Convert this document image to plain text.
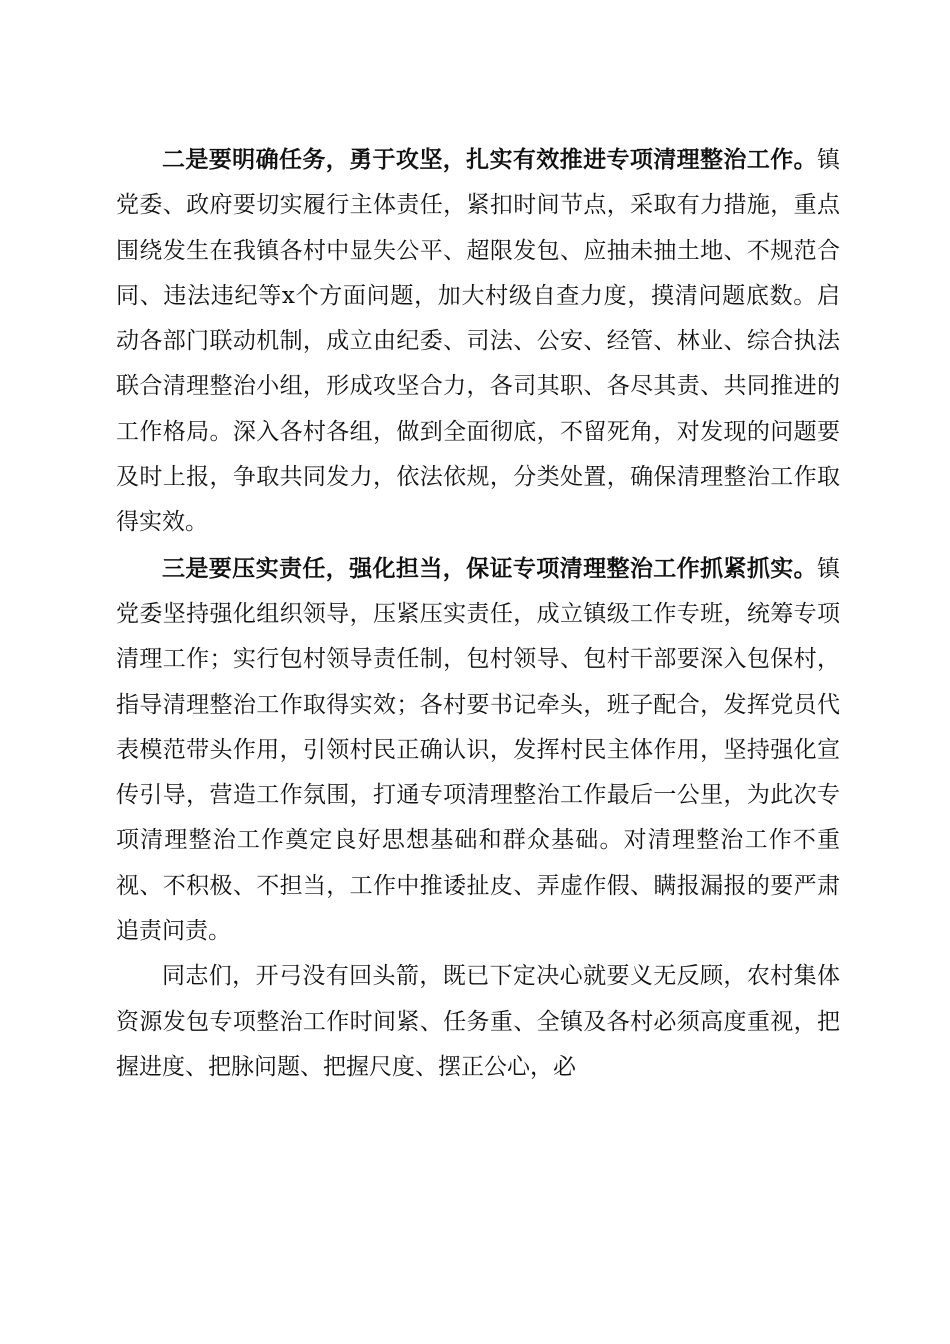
二是要明确任务，勇于攻坚，扎实有效推进专项清理整治工作。镇党委、政府要切实履行主体责任，紧扣时间节点，采取有力措施，重点围绕发生在我镇各村中显失公平、超限发包、应抽未抽土地、不规范合同、违法违纪等x个方面问题，加大村级自查力度，摸清问题底数。启动各部门联动机制，成立由纪委、司法、公安、经管、林业、综合执法联合清理整治小组，形成攻坚合力，各司其职、各尽其责、共同推进的工作格局。深入各村各组，做到全面彻底，不留死角，对发现的问题要及时上报，争取共同发力，依法依规，分类处置，确保清理整治工作取得实效。

三是要压实责任，强化担当，保证专项清理整治工作抓紧抓实。镇党委坚持强化组织领导，压紧压实责任，成立镇级工作专班，统筹专项清理工作；实行包村领导责任制，包村领导、包村干部要深入包保村，指导清理整治工作取得实效；各村要书记牵头，班子配合，发挥党员代表模范带头作用，引领村民正确认识，发挥村民主体作用，坚持强化宣传引导，营造工作氛围，打通专项清理整治工作最后一公里，为此次专项清理整治工作奠定良好思想基础和群众基础。对清理整治工作不重视、不积极、不担当，工作中推诿扯皮、弄虚作假、瞒报漏报的要严肃追责问责。

同志们，开弓没有回头箭，既已下定决心就要义无反顾，农村集体资源发包专项整治工作时间紧、任务重、全镇及各村必须高度重视，把握进度、把脉问题、把握尺度、摆正公心，必
